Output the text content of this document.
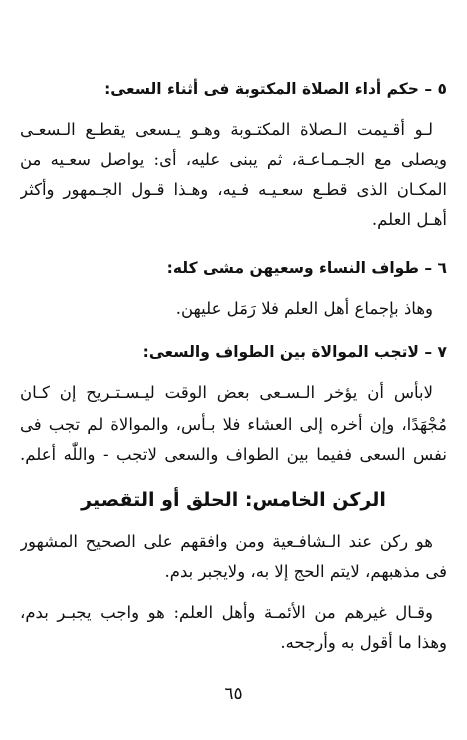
٥ – حكم أداء الصلاة المكتوبة فى أثناء السعى:
لـو أقـيمت الـصلاة المكتـوبة وهـو يـسعى يقطـع الـسعـى
ويصلى مع الجـمـاعـة، ثم يبنى عليه، أى: يواصل سعـيه من
المكـان الذى قطـع سعـيـه فـيه، وهـذا قـول الجـمهور وأكثر
أهـل العلم.
٦ – طواف النساء وسعيهن مشى كله:
وهاذ بإجماع أهل العلم فلا رَمَل عليهن.
٧ – لاتجب الموالاة بين الطواف والسعى:
لابأس أن يؤخر الـسـعى بعض الوقت ليـسـتـريح إن كـان
مُجْهَدًا، وإن أخره إلى العشاء فلا بـأس، والموالاة لم تجب فى
نفس السعى ففيما بين الطواف والسعى لاتجب - واللّٰه أعلم.
الركن الخامس: الحلق أو التقصير
هو ركن عند الـشافـعية ومن وافقهم على الصحيح المشهور
فى مذهبهم، لايتم الحج إلا به، ولايجبر بدم.
وقـال غيرهم من الأئمـة وأهل العلم: هو واجب يجبـر بدم،
وهذا ما أقول به وأرجحه.
٦٥
